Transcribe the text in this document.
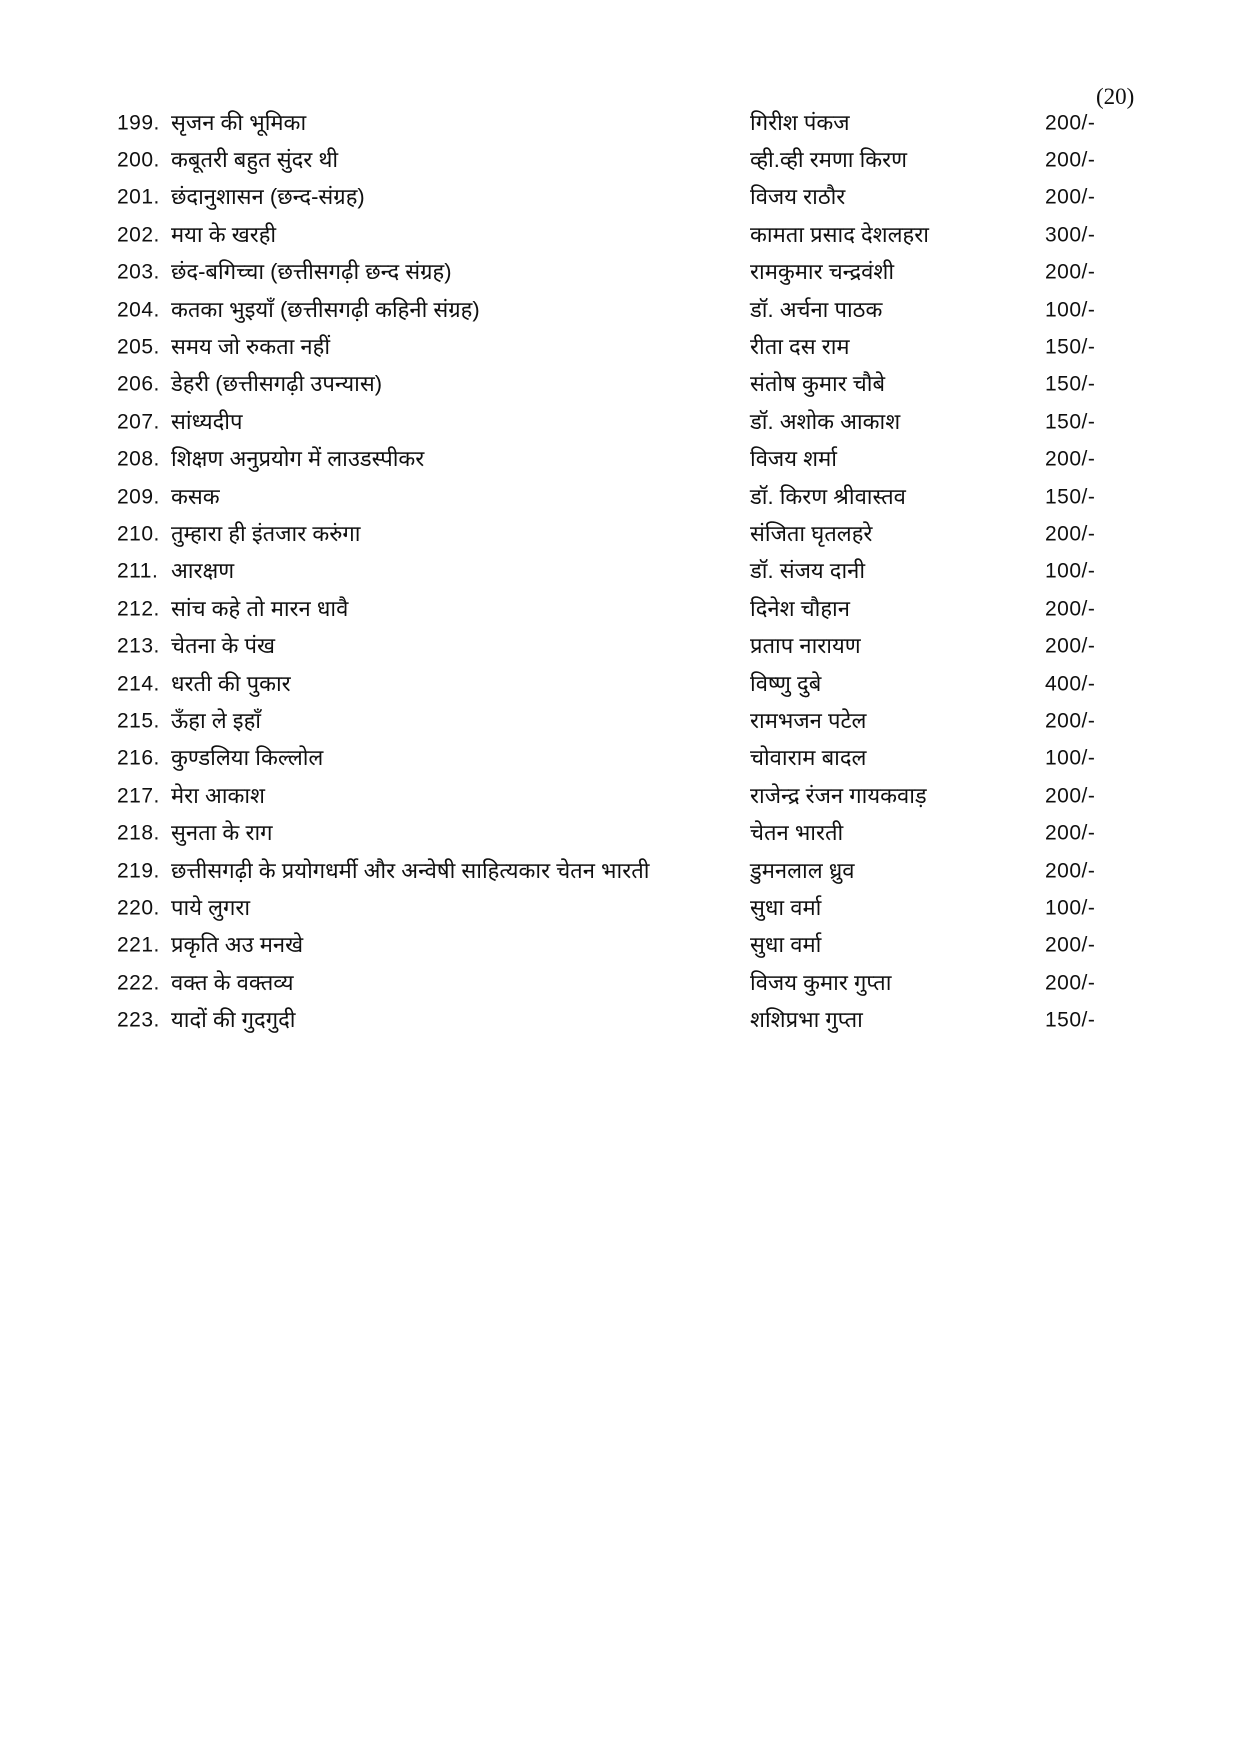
(20)
199. सृजन की भूमिका	गिरीश पंकज	200/-
200. कबूतरी बहुत सुंदर थी	व्ही.व्ही रमणा किरण	200/-
201. छंदानुशासन (छन्द-संग्रह)	विजय राठौर	200/-
202. मया के खरही	कामता प्रसाद देशलहरा	300/-
203. छंद-बगिच्चा (छत्तीसगढ़ी छन्द संग्रह)	रामकुमार चन्द्रवंशी	200/-
204. कतका भुइयाँ (छत्तीसगढ़ी कहिनी संग्रह)	डॉ. अर्चना पाठक	100/-
205. समय जो रुकता नहीं	रीता दस राम	150/-
206. डेहरी (छत्तीसगढ़ी उपन्यास)	संतोष कुमार चौबे	150/-
207. सांध्यदीप	डॉ. अशोक आकाश	150/-
208. शिक्षण अनुप्रयोग में लाउडस्पीकर	विजय शर्मा	200/-
209. कसक	डॉ. किरण श्रीवास्तव	150/-
210. तुम्हारा ही इंतजार करुंगा	संजिता घृतलहरे	200/-
211. आरक्षण	डॉ. संजय दानी	100/-
212. सांच कहे तो मारन धावै	दिनेश चौहान	200/-
213. चेतना के पंख	प्रताप नारायण	200/-
214. धरती की पुकार	विष्णु दुबे	400/-
215. ऊँहा ले इहाँ	रामभजन पटेल	200/-
216. कुण्डलिया किल्लोल	चोवाराम बादल	100/-
217. मेरा आकाश	राजेन्द्र रंजन गायकवाड़	200/-
218. सुनता के राग	चेतन भारती	200/-
219. छत्तीसगढ़ी के प्रयोगधर्मी और अन्वेषी साहित्यकार चेतन भारती	डुमनलाल ध्रुव	200/-
220. पाये लुगरा	सुधा वर्मा	100/-
221. प्रकृति अउ मनखे	सुधा वर्मा	200/-
222. वक्त के वक्तव्य	विजय कुमार गुप्ता	200/-
223. यादों की गुदगुदी	शशिप्रभा गुप्ता	150/-
